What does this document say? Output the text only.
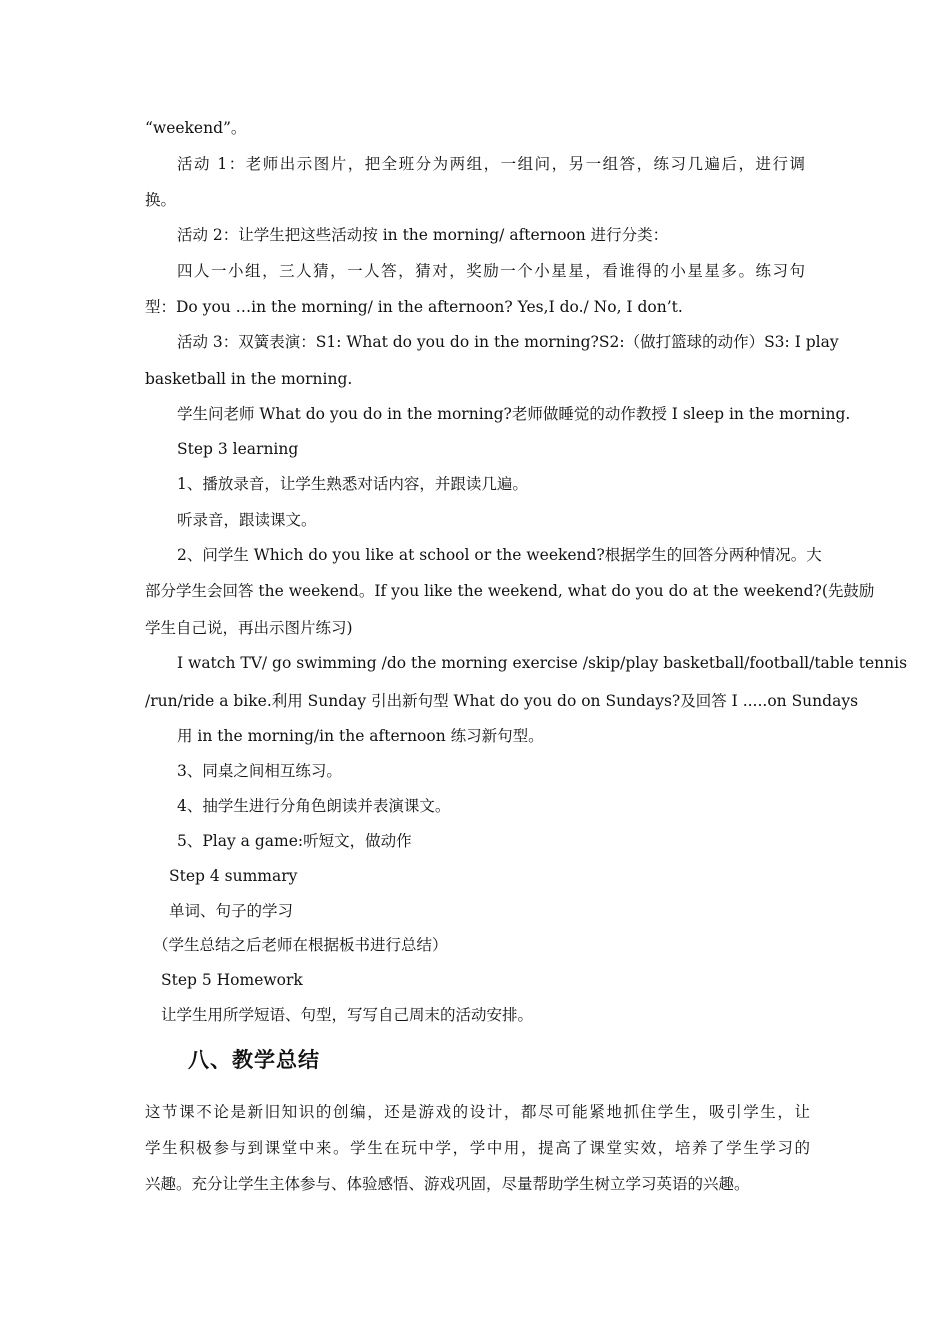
“weekend”。
活动 1：老师出示图片，把全班分为两组，一组问，另一组答，练习几遍后，进行调
换。
活动 2：让学生把这些活动按 in the morning/ afternoon 进行分类：
四人一小组，三人猜，一人答，猜对，奖励一个小星星，看谁得的小星星多。练习句
型：Do you …in the morning/ in the afternoon? Yes,I do./ No, I don’t.
活动 3：双簧表演：S1: What do you do in the morning?S2:（做打篮球的动作）S3: I play
basketball in the morning.
学生问老师 What do you do in the morning?老师做睡觉的动作教授 I sleep in the morning.
Step 3 learning
1、播放录音，让学生熟悉对话内容，并跟读几遍。
听录音，跟读课文。
2、问学生 Which do you like at school or the weekend?根据学生的回答分两种情况。大
部分学生会回答 the weekend。If you like the weekend, what do you do at the weekend?(先鼓励
学生自己说，再出示图片练习)
I watch TV/ go swimming /do the morning exercise /skip/play basketball/football/table tennis
/run/ride a bike.利用 Sunday 引出新句型 What do you do on Sundays?及回答 I .....on Sundays
用 in the morning/in the afternoon 练习新句型。
3、同桌之间相互练习。
4、抽学生进行分角色朗读并表演课文。
5、Play a game:听短文，做动作
Step 4 summary
单词、句子的学习
（学生总结之后老师在根据板书进行总结）
Step 5 Homework
让学生用所学短语、句型，写写自己周末的活动安排。
八、教学总结
这节课不论是新旧知识的创编，还是游戏的设计，都尽可能紧地抓住学生，吸引学生，让
学生积极参与到课堂中来。学生在玩中学，学中用，提高了课堂实效，培养了学生学习的
兴趣。充分让学生主体参与、体验感悟、游戏巩固，尽量帮助学生树立学习英语的兴趣。
